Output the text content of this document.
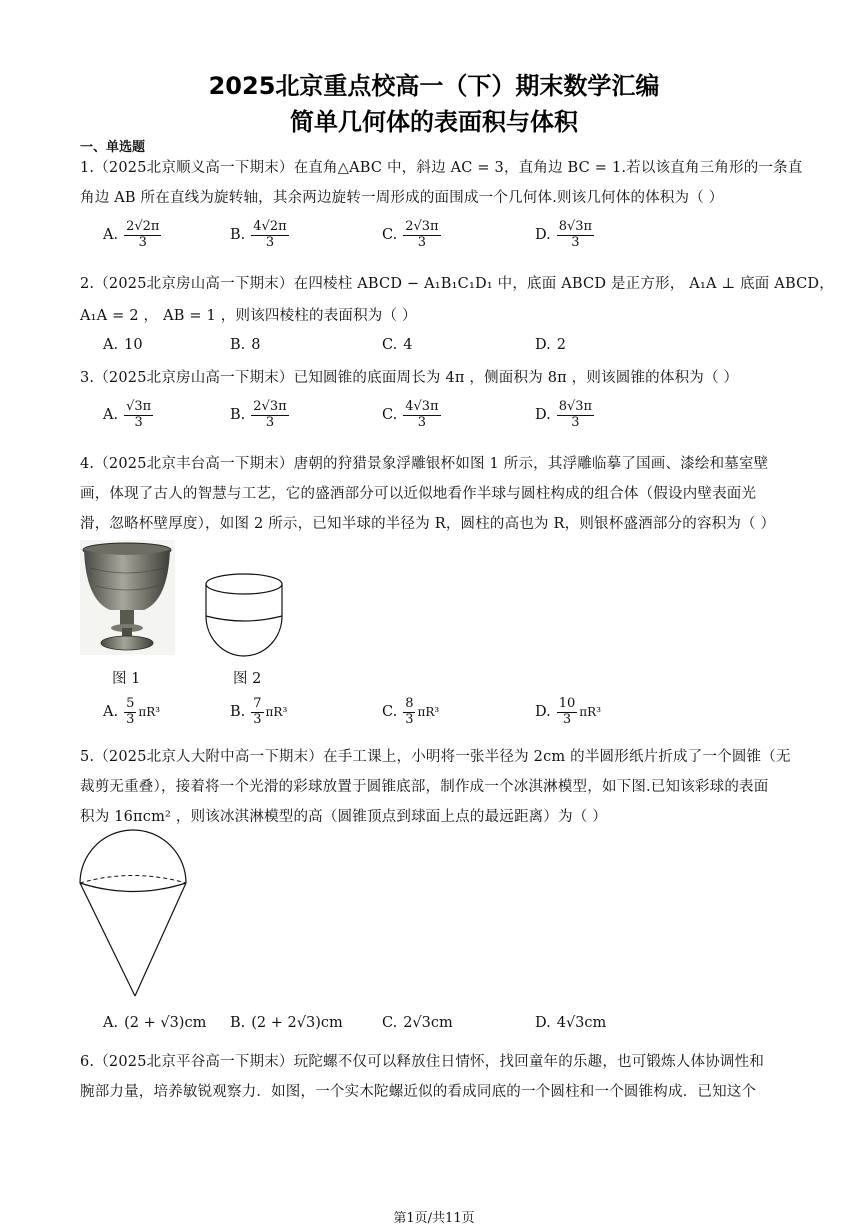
2025北京重点校高一（下）期末数学汇编
简单几何体的表面积与体积
一、单选题
1.（2025北京顺义高一下期末）在直角△ABC 中，斜边 AC = 3，直角边 BC = 1.若以该直角三角形的一条直
角边 AB 所在直线为旋转轴，其余两边旋转一周形成的面围成一个几何体.则该几何体的体积为（ ）
A. $\frac{2√2\pi}{3}$	B. $\frac{4√2\pi}{3}$	C. $\frac{2√3\pi}{3}$	D. $\frac{8√3\pi}{3}$
2.（2025北京房山高一下期末）在四棱柱 ABCD − A₁B₁C₁D₁ 中，底面 ABCD 是正方形， A₁A ⊥ 底面 ABCD，
A₁A = 2 ， AB = 1 ，则该四棱柱的表面积为（ ）
A. 10	B. 8	C. 4	D. 2
3.（2025北京房山高一下期末）已知圆锥的底面周长为 4π ，侧面积为 8π ，则该圆锥的体积为（ ）
A. $\frac{√3\pi}{3}$	B. $\frac{2√3\pi}{3}$	C. $\frac{4√3\pi}{3}$	D. $\frac{8√3\pi}{3}$
4.（2025北京丰台高一下期末）唐朝的狩猎景象浮雕银杯如图 1 所示，其浮雕临摹了国画、漆绘和墓室壁
画，体现了古人的智慧与工艺，它的盛酒部分可以近似地看作半球与圆柱构成的组合体（假设内壁表面光
滑，忽略杯壁厚度），如图 2 所示，已知半球的半径为 R，圆柱的高也为 R，则银杯盛酒部分的容积为（ ）
图 1	图 2
A. $\frac{5}{3} \pi R^3$	B. $\frac{7}{3} \pi R^3$	C. $\frac{8}{3} \pi R^3$	D. $\frac{10}{3} \pi R^3$
5.（2025北京人大附中高一下期末）在手工课上，小明将一张半径为 2cm 的半圆形纸片折成了一个圆锥（无
裁剪无重叠），接着将一个光滑的彩球放置于圆锥底部，制作成一个冰淇淋模型，如下图.已知该彩球的表面
积为 16πcm² ，则该冰淇淋模型的高（圆锥顶点到球面上点的最远距离）为（ ）
A. (2 + √3)cm B. (2 + 2√3)cm	C. 2√3cm	D. 4√3cm
6.（2025北京平谷高一下期末）玩陀螺不仅可以释放住日情怀，找回童年的乐趣，也可锻炼人体协调性和
腕部力量，培养敏锐观察力．如图，一个实木陀螺近似的看成同底的一个圆柱和一个圆锥构成．已知这个
第1页/共11页
